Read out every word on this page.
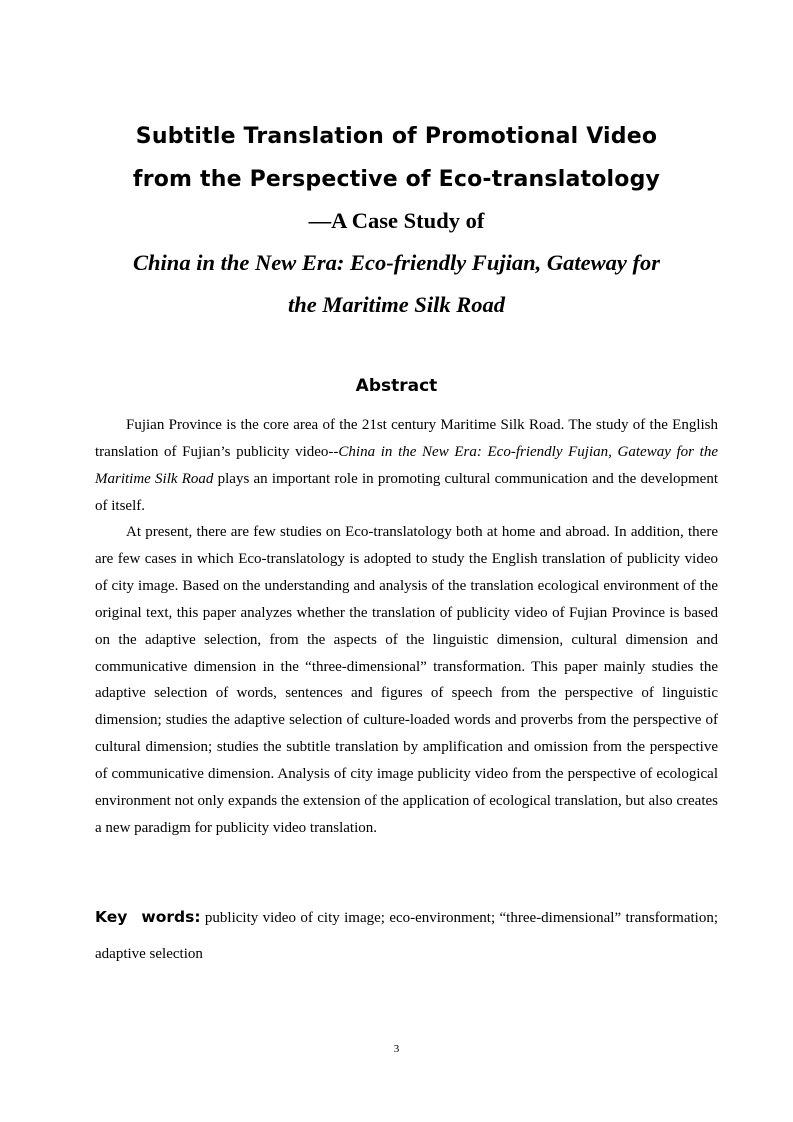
Subtitle Translation of Promotional Video
from the Perspective of Eco-translatology
—A Case Study of
China in the New Era: Eco-friendly Fujian, Gateway for
the Maritime Silk Road
Abstract

Fujian Province is the core area of the 21st century Maritime Silk Road. The study of the English translation of Fujian’s publicity video--China in the New Era: Eco-friendly Fujian, Gateway for the Maritime Silk Road plays an important role in promoting cultural communication and the development of itself.

At present, there are few studies on Eco-translatology both at home and abroad. In addition, there are few cases in which Eco-translatology is adopted to study the English translation of publicity video of city image. Based on the understanding and analysis of the translation ecological environment of the original text, this paper analyzes whether the translation of publicity video of Fujian Province is based on the adaptive selection, from the aspects of the linguistic dimension, cultural dimension and communicative dimension in the “three-dimensional” transformation. This paper mainly studies the adaptive selection of words, sentences and figures of speech from the perspective of linguistic dimension; studies the adaptive selection of culture-loaded words and proverbs from the perspective of cultural dimension; studies the subtitle translation by amplification and omission from the perspective of communicative dimension. Analysis of city image publicity video from the perspective of ecological environment not only expands the extension of the application of ecological translation, but also creates a new paradigm for publicity video translation.

Key words: publicity video of city image; eco-environment; “three-dimensional” transformation; adaptive selection

3
